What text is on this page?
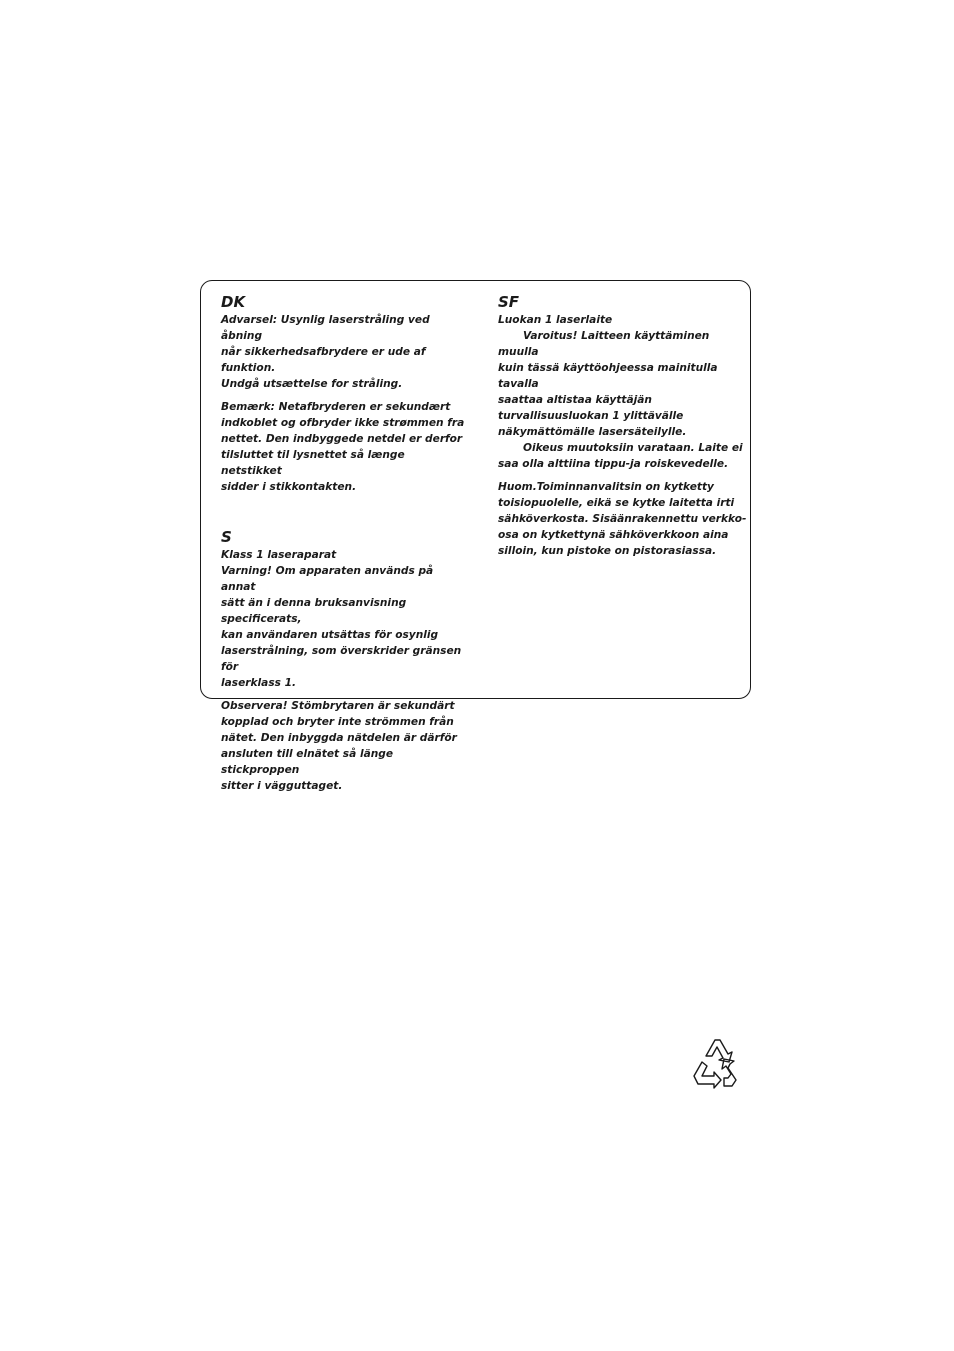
DK

Advarsel: Usynlig laserstråling ved åbning
når sikkerhedsafbrydere er ude af funktion.
Undgå utsættelse for stråling.

Bemærk: Netafbryderen er sekundært
indkoblet og ofbryder ikke strømmen fra
nettet. Den indbyggede netdel er derfor
tilsluttet til lysnettet så længe netstikket
sidder i stikkontakten.

S

Klass 1 laseraparat

Varning! Om apparaten används på annat
sätt än i denna bruksanvisning specificerats,
kan användaren utsättas för osynlig
laserstrålning, som överskrider gränsen för
laserklass 1.

Observera! Stömbrytaren är sekundärt
kopplad och bryter inte strömmen från
nätet. Den inbyggda nätdelen är därför
ansluten till elnätet så länge stickproppen
sitter i vägguttaget.

SF

Luokan 1 laserlaite

Varoitus! Laitteen käyttäminen muulla
kuin tässä käyttöohjeessa mainitulla tavalla
saattaa altistaa käyttäjän
turvallisuusluokan 1 ylittävälle
näkymättömälle lasersäteilylle.

Oikeus muutoksiin varataan. Laite ei
saa olla alttiina tippu-ja roiskevedelle.

Huom.Toiminnanvalitsin on kytketty
toisiopuolelle, eikä se kytke laitetta irti
sähköverkosta. Sisäänrakennettu verkko-
osa on kytkettynä sähköverkkoon aina
silloin, kun pistoke on pistorasiassa.
